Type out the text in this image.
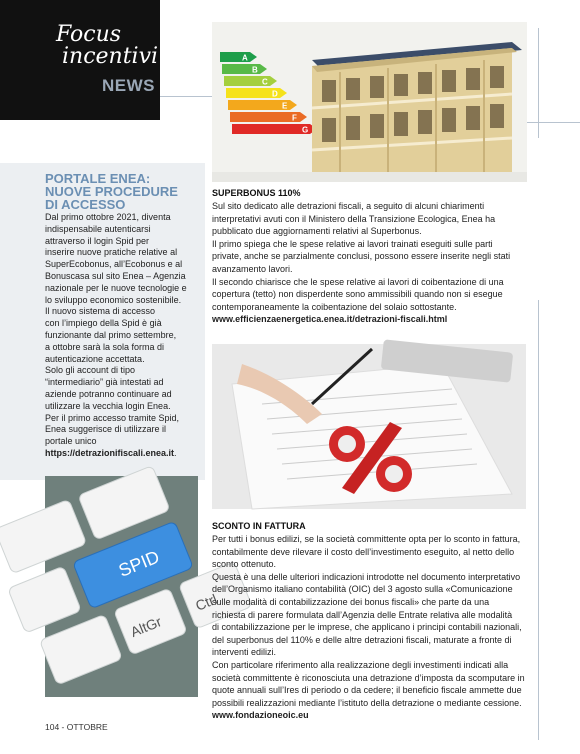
Focus
incentivi
NEWS
A
B
C
D
E
F
G
PORTALE ENEA:
NUOVE PROCEDURE
DI ACCESSO

Dal primo ottobre 2021, diventa

indispensabile autenticarsi

attraverso il login Spid per

inserire nuove pratiche relative al

SuperEcobonus, all’Ecobonus e al

Bonuscasa sul sito Enea – Agenzia

nazionale per le nuove tecnologie e

lo sviluppo economico sostenibile.

Il nuovo sistema di accesso

con l’impiego della Spid è già

funzionante dal primo settembre,

a ottobre sarà la sola forma di

autenticazione accettata.

Solo gli account di tipo

“intermediario” già intestati ad

aziende potranno continuare ad

utilizzare la vecchia login Enea.

Per il primo accesso tramite Spid,

Enea suggerisce di utilizzare il

portale unico

https://detrazionifiscali.enea.it.

SPID
AltGr
Ctrl
SUPERBONUS 110%

Sul sito dedicato alle detrazioni fiscali, a seguito di alcuni chiarimenti

interpretativi avuti con il Ministero della Transizione Ecologica, Enea ha

pubblicato due aggiornamenti relativi al Superbonus.

Il primo spiega che le spese relative ai lavori trainati eseguiti sulle parti

private, anche se parzialmente conclusi, possono essere inserite negli stati

avanzamento lavori.

Il secondo chiarisce che le spese relative ai lavori di coibentazione di una

copertura (tetto) non disperdente sono ammissibili quando non si esegue

contemporaneamente la coibentazione del solaio sottostante.

www.efficienzaenergetica.enea.it/detrazioni-fiscali.html

SCONTO IN FATTURA

Per tutti i bonus edilizi, se la società committente opta per lo sconto in fattura,

contabilmente deve rilevare il costo dell’investimento eseguito, al netto dello

sconto ottenuto.

Questa è una delle ulteriori indicazioni introdotte nel documento interpretativo

dell’Organismo italiano contabilità (OIC) del 3 agosto sulla «Comunicazione

sulle modalità di contabilizzazione dei bonus fiscali» che parte da una

richiesta di parere formulata dall’Agenzia delle Entrate relativa alle modalità

di contabilizzazione per le imprese, che applicano i principi contabili nazionali,

del superbonus del 110% e delle altre detrazioni fiscali, maturate a fronte di

interventi edilizi.

Con particolare riferimento alla realizzazione degli investimenti indicati alla

società committente è riconosciuta una detrazione d’imposta da scomputare in

quote annuali sull’Ires di periodo o da cedere; il beneficio fiscale ammette due

possibili realizzazioni mediante l’istituto della detrazione o mediante cessione.

www.fondazioneoic.eu

104 - OTTOBRE
